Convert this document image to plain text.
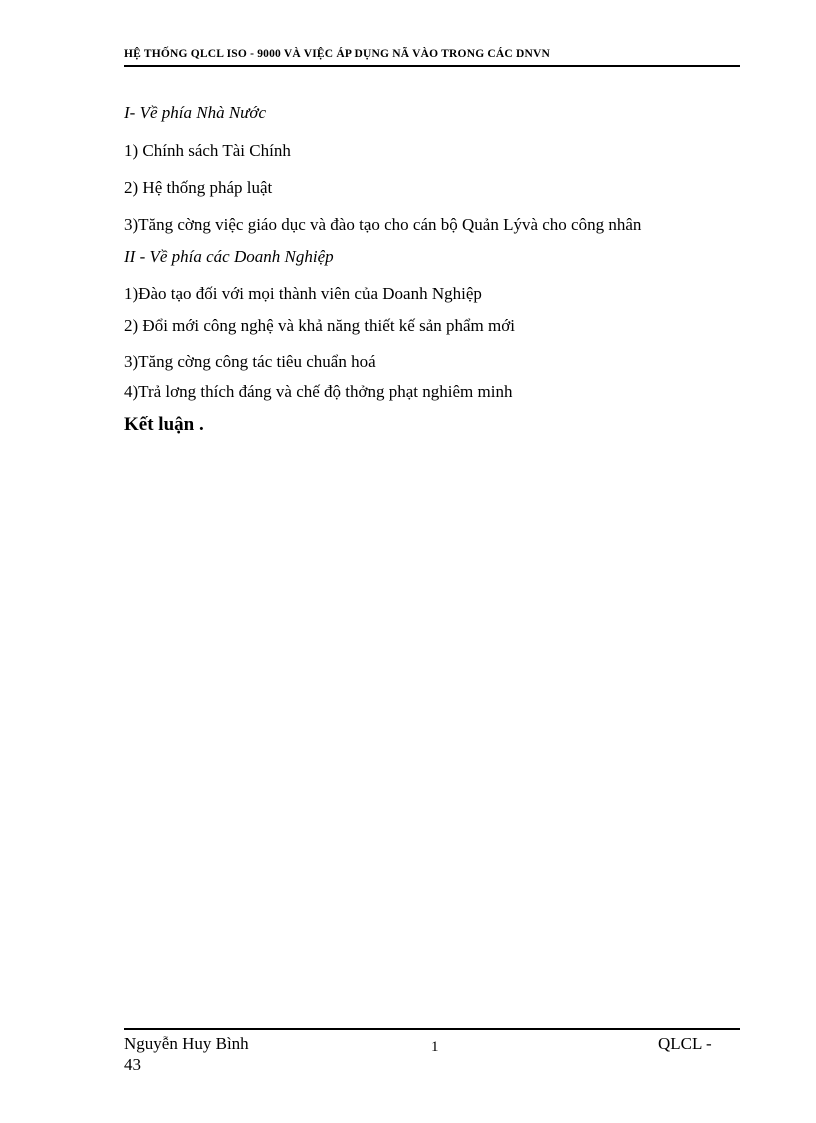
HỆ THỐNG QLCL ISO - 9000 VÀ VIỆC ÁP DỤNG NÃ VÀO TRONG CÁC DNVN
I- Về phía Nhà Nước
1) Chính sách Tài Chính
2) Hệ thống pháp luật
3)Tăng cờng việc giáo dục và đào tạo cho cán bộ Quản Lývà cho công nhân
II - Về phía các Doanh Nghiệp
1)Đào tạo đối với mọi thành viên của Doanh Nghiệp
2) Đổi mới công nghệ và khả năng thiết kế sản phẩm mới
3)Tăng cờng công tác tiêu chuẩn hoá
4)Trả lơng thích đáng và chế độ thởng phạt nghiêm minh
Kết luận .
Nguyễn Huy Bình
43
1	QLCL -
